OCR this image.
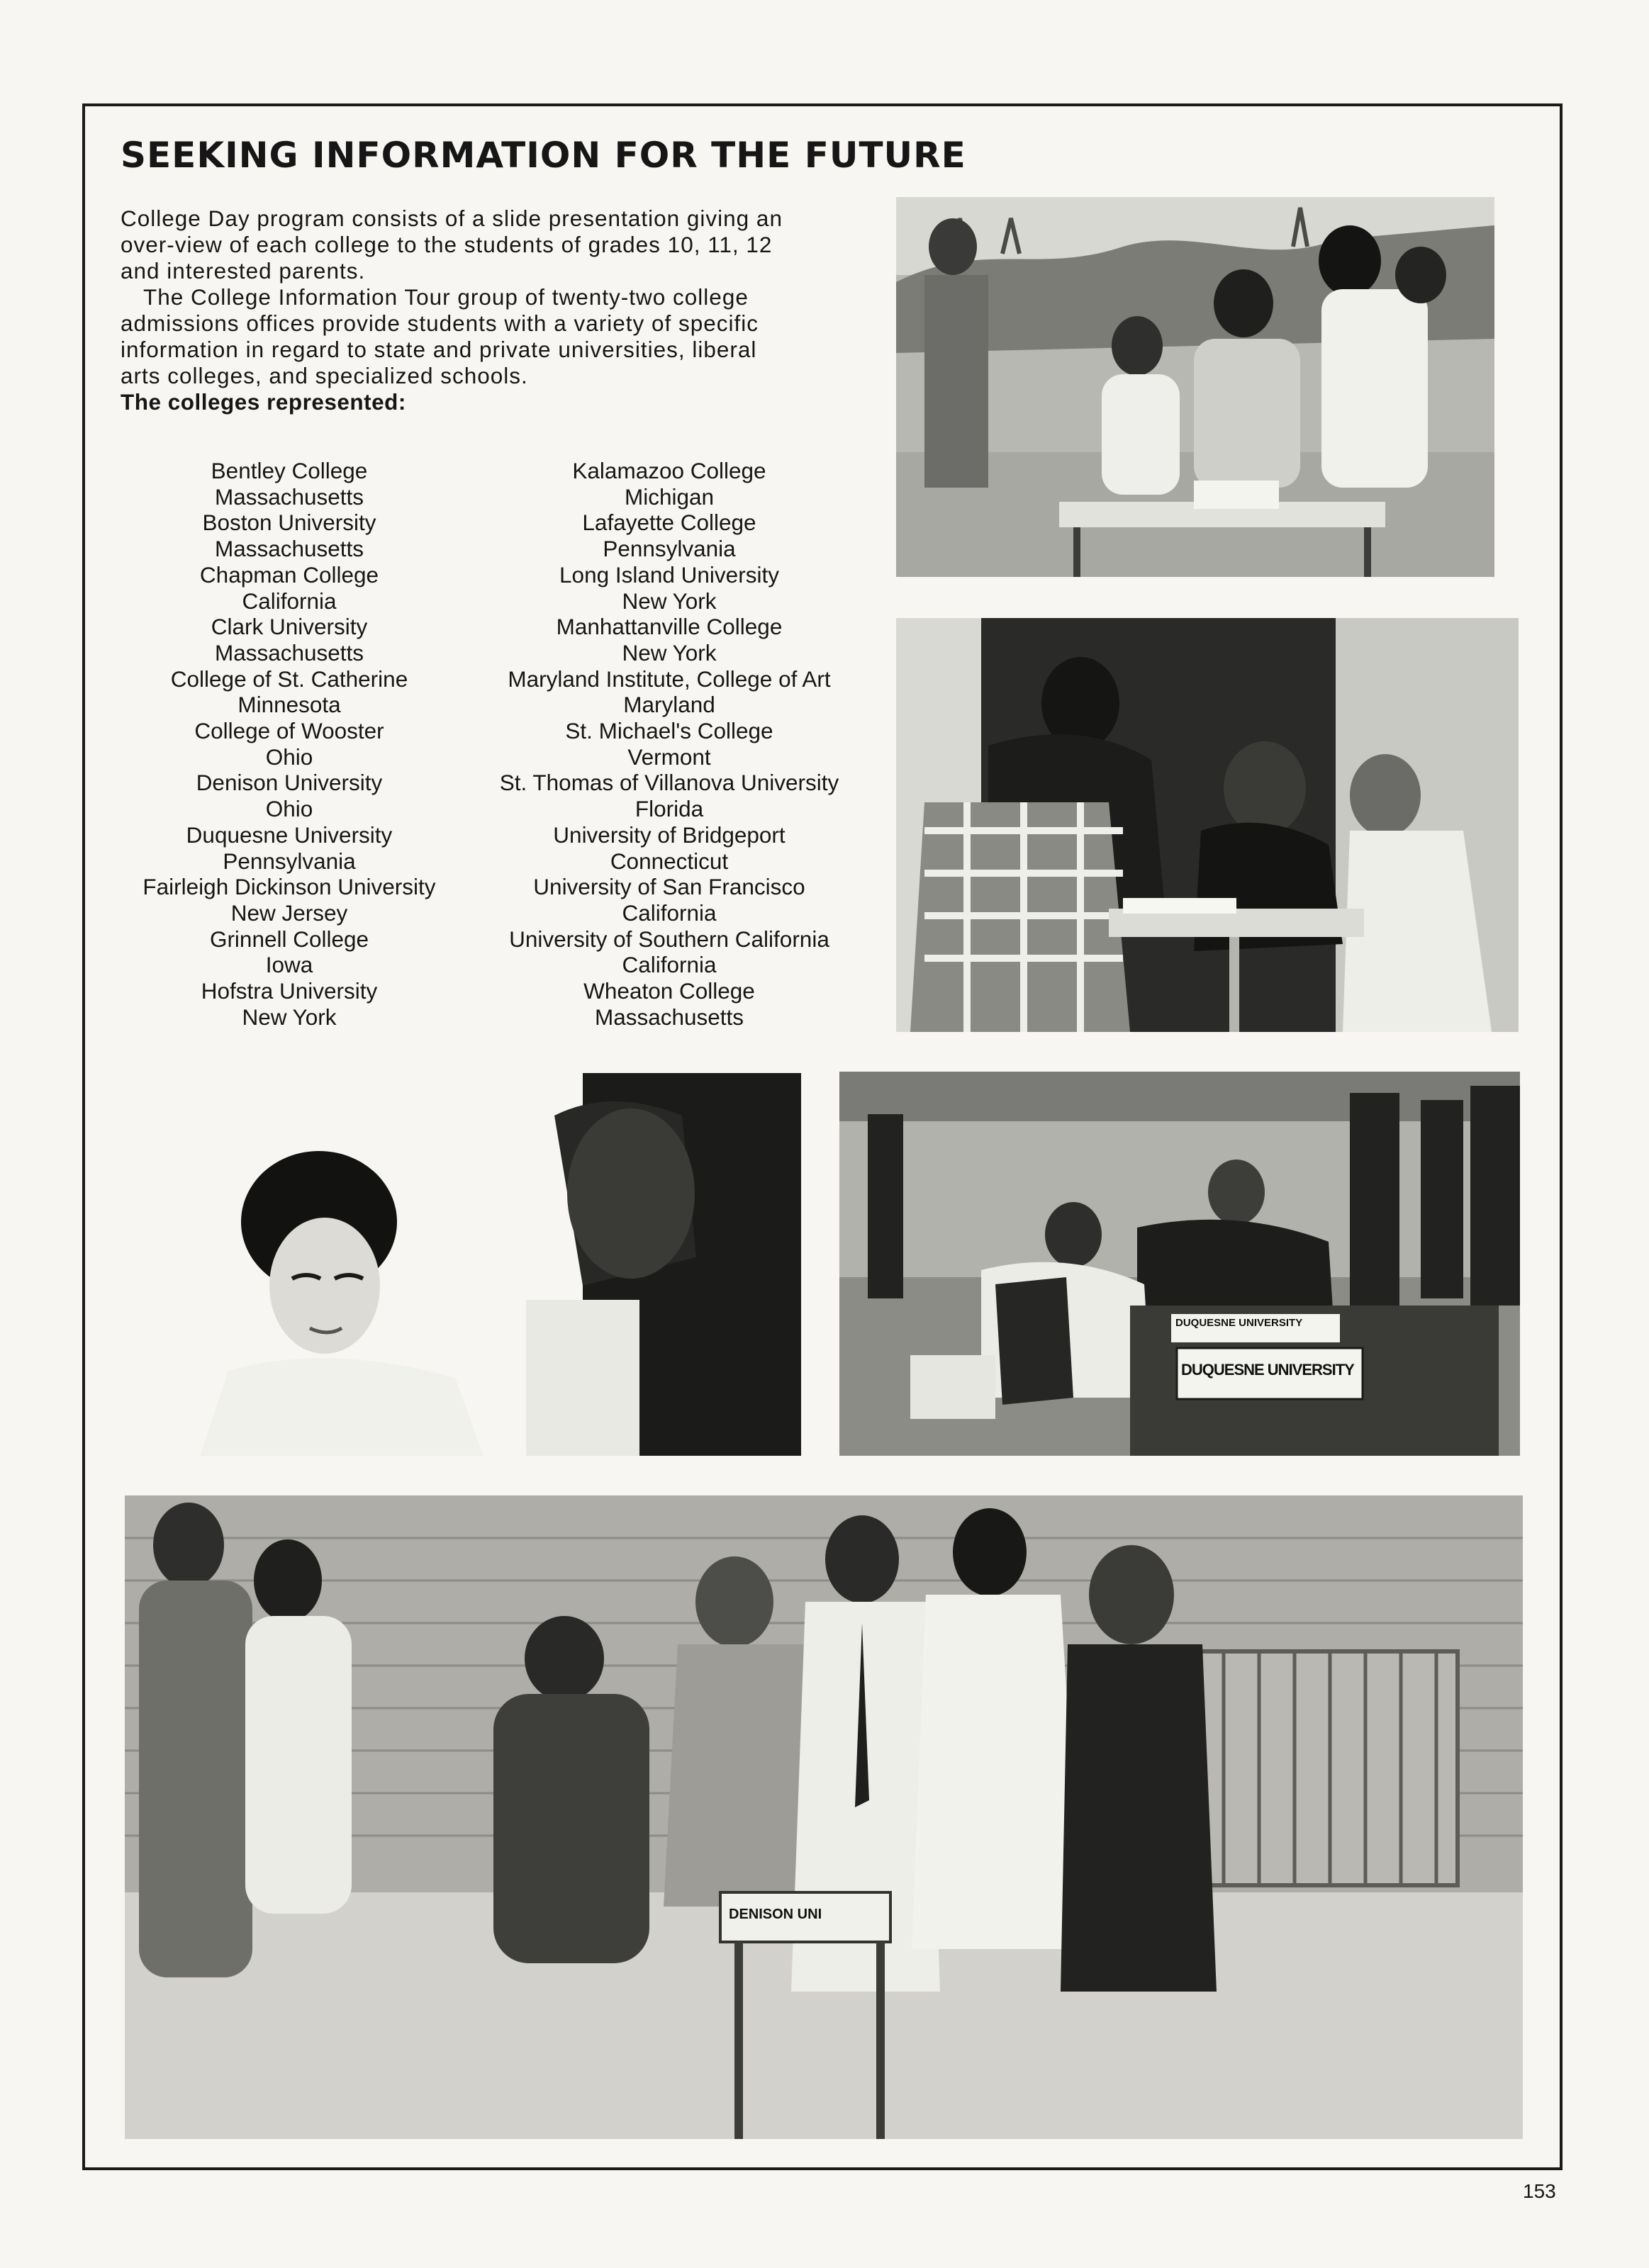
SEEKING INFORMATION FOR THE FUTURE

College Day program consists of a slide presentation giving an over-view of each college to the students of grades 10, 11, 12 and interested parents.

The College Information Tour group of twenty-two college admissions offices provide students with a variety of specific information in regard to state and private universities, liberal arts colleges, and specialized schools.

The colleges represented:

Bentley College
Massachusetts
Boston University
Massachusetts
Chapman College
California
Clark University
Massachusetts
College of St. Catherine
Minnesota
College of Wooster
Ohio
Denison University
Ohio
Duquesne University
Pennsylvania
Fairleigh Dickinson University
New Jersey
Grinnell College
Iowa
Hofstra University
New York
Kalamazoo College
Michigan
Lafayette College
Pennsylvania
Long Island University
New York
Manhattanville College
New York
Maryland Institute, College of Art
Maryland
St. Michael's College
Vermont
St. Thomas of Villanova University
Florida
University of Bridgeport
Connecticut
University of San Francisco
California
University of Southern California
California
Wheaton College
Massachusetts
DUQUESNE UNIVERSITY
DUQUESNE UNIVERSITY
DENISON UNI
153
